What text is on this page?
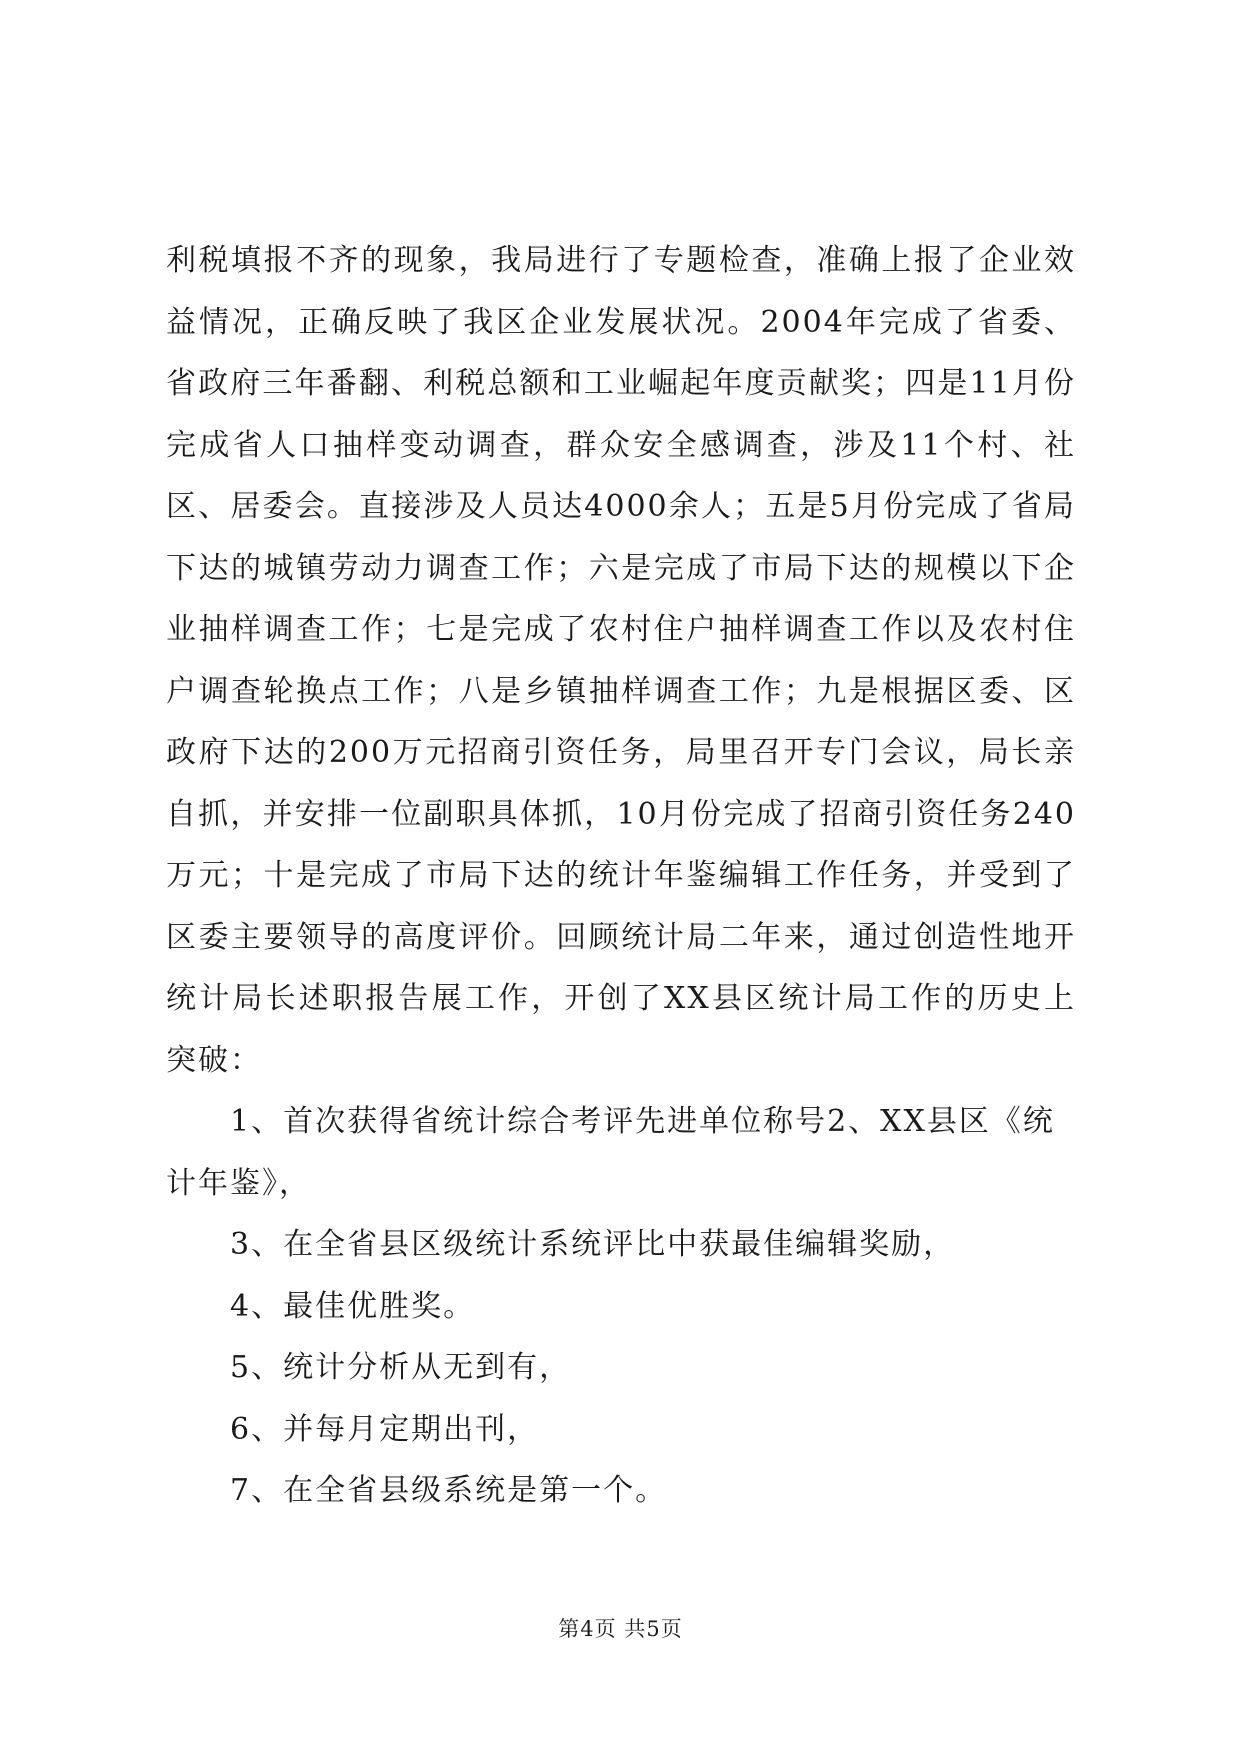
利税填报不齐的现象，我局进行了专题检查，准确上报了企业效益情况，正确反映了我区企业发展状况。2004年完成了省委、省政府三年番翻、利税总额和工业崛起年度贡献奖；四是11月份完成省人口抽样变动调查，群众安全感调查，涉及11个村、社区、居委会。直接涉及人员达4000余人；五是5月份完成了省局下达的城镇劳动力调查工作；六是完成了市局下达的规模以下企业抽样调查工作；七是完成了农村住户抽样调查工作以及农村住户调查轮换点工作；八是乡镇抽样调查工作；九是根据区委、区政府下达的200万元招商引资任务，局里召开专门会议，局长亲自抓，并安排一位副职具体抓，10月份完成了招商引资任务240万元；十是完成了市局下达的统计年鉴编辑工作任务，并受到了区委主要领导的高度评价。回顾统计局二年来，通过创造性地开统计局长述职报告展工作，开创了XX县区统计局工作的历史上突破：

1、首次获得省统计综合考评先进单位称号2、XX县区《统计年鉴》，

3、在全省县区级统计系统评比中获最佳编辑奖励，

4、最佳优胜奖。

5、统计分析从无到有，

6、并每月定期出刊，

7、在全省县级系统是第一个。

第4页 共5页
